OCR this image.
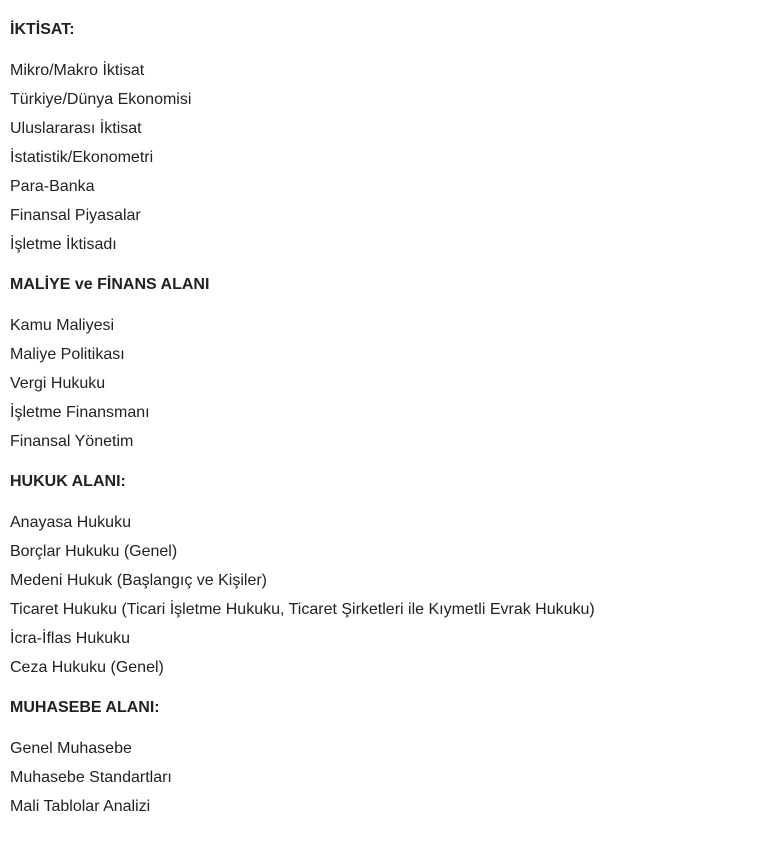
İKTİSAT:
Mikro/Makro İktisat
Türkiye/Dünya Ekonomisi
Uluslararası İktisat
İstatistik/Ekonometri
Para-Banka
Finansal Piyasalar
İşletme İktisadı
MALİYE ve FİNANS ALANI
Kamu Maliyesi
Maliye Politikası
Vergi Hukuku
İşletme Finansmanı
Finansal Yönetim
HUKUK ALANI:
Anayasa Hukuku
Borçlar Hukuku (Genel)
Medeni Hukuk (Başlangıç ve Kişiler)
Ticaret Hukuku (Ticari İşletme Hukuku, Ticaret Şirketleri ile Kıymetli Evrak Hukuku)
İcra-İflas Hukuku
Ceza Hukuku (Genel)
MUHASEBE ALANI:
Genel Muhasebe
Muhasebe Standartları
Mali Tablolar Analizi
